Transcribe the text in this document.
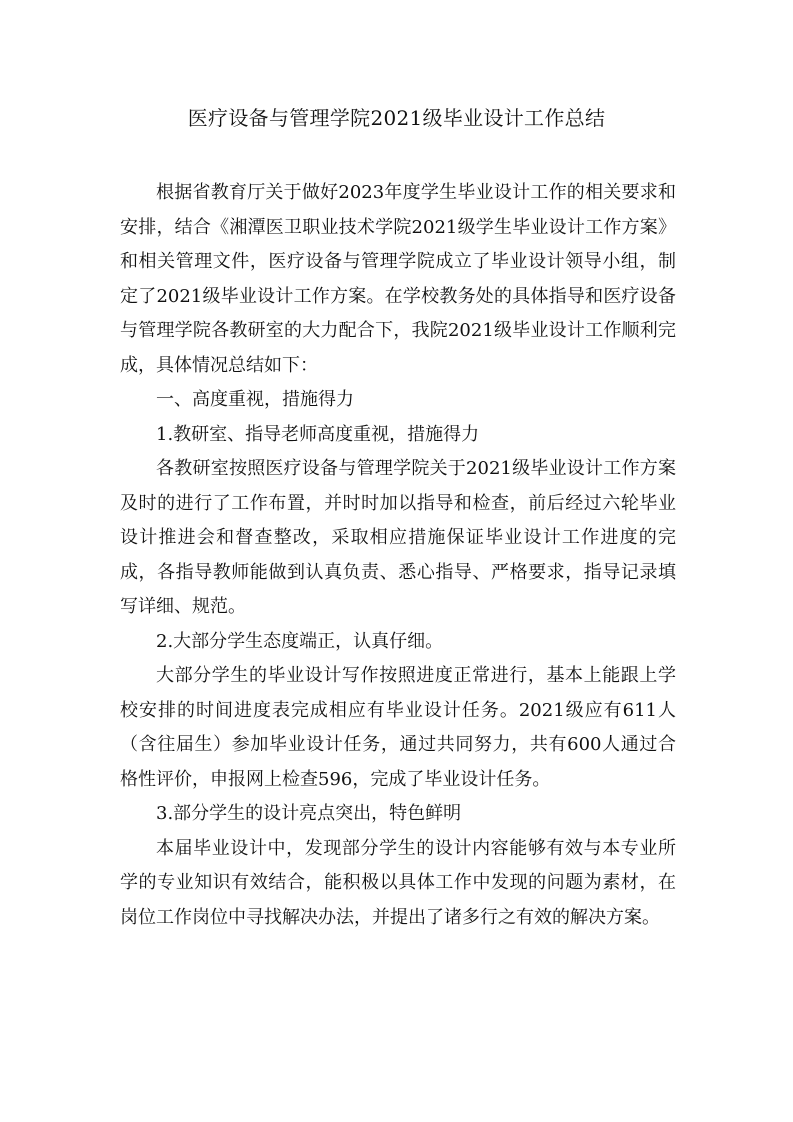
医疗设备与管理学院2021级毕业设计工作总结

根据省教育厅关于做好2023年度学生毕业设计工作的相关要求和安排，结合《湘潭医卫职业技术学院2021级学生毕业设计工作方案》和相关管理文件，医疗设备与管理学院成立了毕业设计领导小组，制定了2021级毕业设计工作方案。在学校教务处的具体指导和医疗设备与管理学院各教研室的大力配合下，我院2021级毕业设计工作顺利完成，具体情况总结如下：

一、高度重视，措施得力

1.教研室、指导老师高度重视，措施得力

各教研室按照医疗设备与管理学院关于2021级毕业设计工作方案及时的进行了工作布置，并时时加以指导和检查，前后经过六轮毕业设计推进会和督查整改，采取相应措施保证毕业设计工作进度的完成，各指导教师能做到认真负责、悉心指导、严格要求，指导记录填写详细、规范。

2.大部分学生态度端正，认真仔细。

大部分学生的毕业设计写作按照进度正常进行，基本上能跟上学校安排的时间进度表完成相应有毕业设计任务。2021级应有611人（含往届生）参加毕业设计任务，通过共同努力，共有600人通过合格性评价，申报网上检查596，完成了毕业设计任务。

3.部分学生的设计亮点突出，特色鲜明

本届毕业设计中，发现部分学生的设计内容能够有效与本专业所学的专业知识有效结合，能积极以具体工作中发现的问题为素材，在岗位工作岗位中寻找解决办法，并提出了诸多行之有效的解决方案。
